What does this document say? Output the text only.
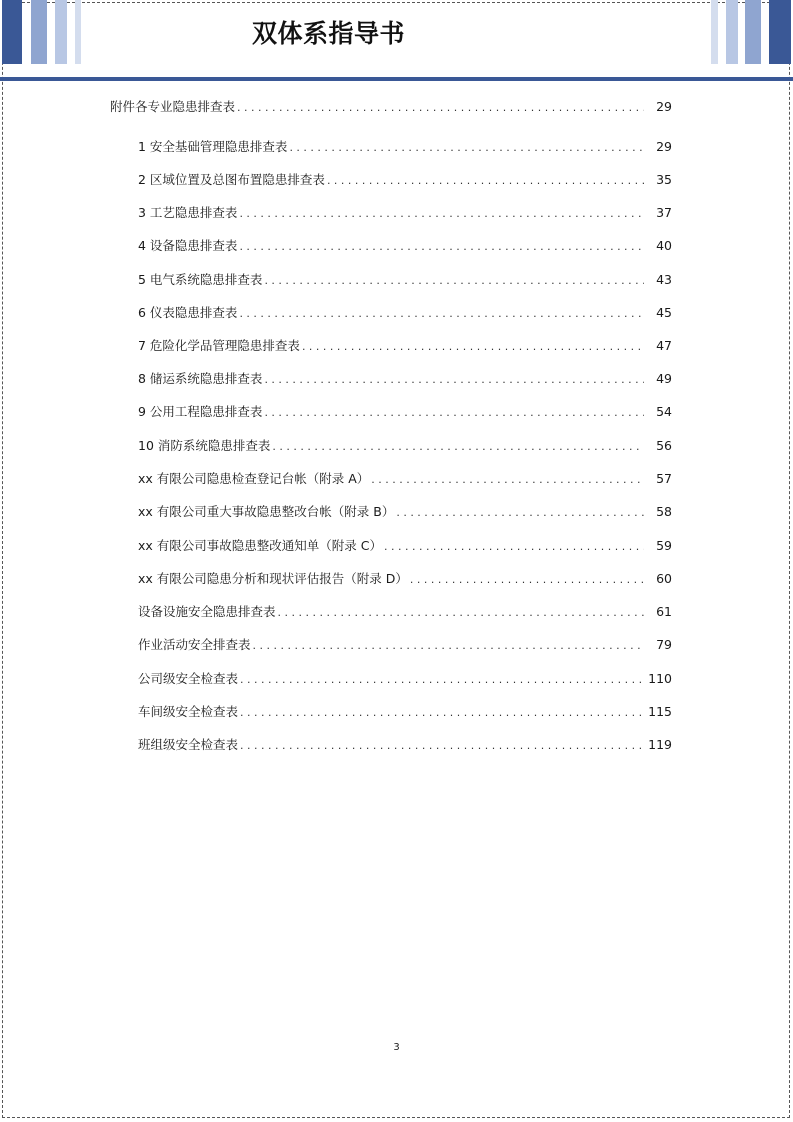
双体系指导书
附件各专业隐患排查表 . . .	29
1 安全基础管理隐患排查表 . . .	29
2 区域位置及总图布置隐患排查表 . . .	35
3 工艺隐患排查表 . . .	37
4 设备隐患排查表 . . .	40
5 电气系统隐患排查表 . . .	43
6 仪表隐患排查表 . . .	45
7 危险化学品管理隐患排查表 . . .	47
8 储运系统隐患排查表 . . .	49
9 公用工程隐患排查表 . . .	54
10 消防系统隐患排查表 . . .	56
xx 有限公司隐患检查登记台帐（附录 A） . . .	57
xx 有限公司重大事故隐患整改台帐（附录 B） . . .	58
xx 有限公司事故隐患整改通知单（附录 C） . . .	59
xx 有限公司隐患分析和现状评估报告（附录 D） . . .	60
设备设施安全隐患排查表 . . .	61
作业活动安全排查表 . . .	79
公司级安全检查表 . . .	110
车间级安全检查表 . . .	115
班组级安全检查表 . . .	119
3
